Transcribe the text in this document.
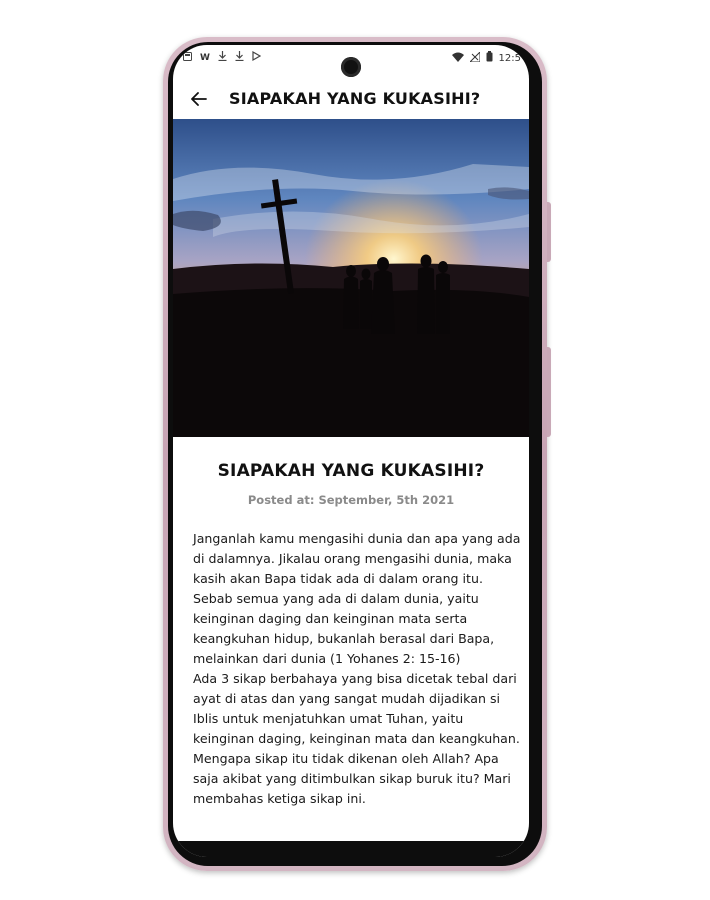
W	12:5
SIAPAKAH YANG KUKASIHI?
SIAPAKAH YANG KUKASIHI?
Posted at: September, 5th 2021

Janganlah kamu mengasihi dunia dan apa yang ada di dalamnya. Jikalau orang mengasihi dunia, maka kasih akan Bapa tidak ada di dalam orang itu. Sebab semua yang ada di dalam dunia, yaitu keinginan daging dan keinginan mata serta keangkuhan hidup, bukanlah berasal dari Bapa, melainkan dari dunia (1 Yohanes 2: 15-16)

Ada 3 sikap berbahaya yang bisa dicetak tebal dari ayat di atas dan yang sangat mudah dijadikan si Iblis untuk menjatuhkan umat Tuhan, yaitu keinginan daging, keinginan mata dan keangkuhan. Mengapa sikap itu tidak dikenan oleh Allah? Apa saja akibat yang ditimbulkan sikap buruk itu? Mari membahas ketiga sikap ini.
